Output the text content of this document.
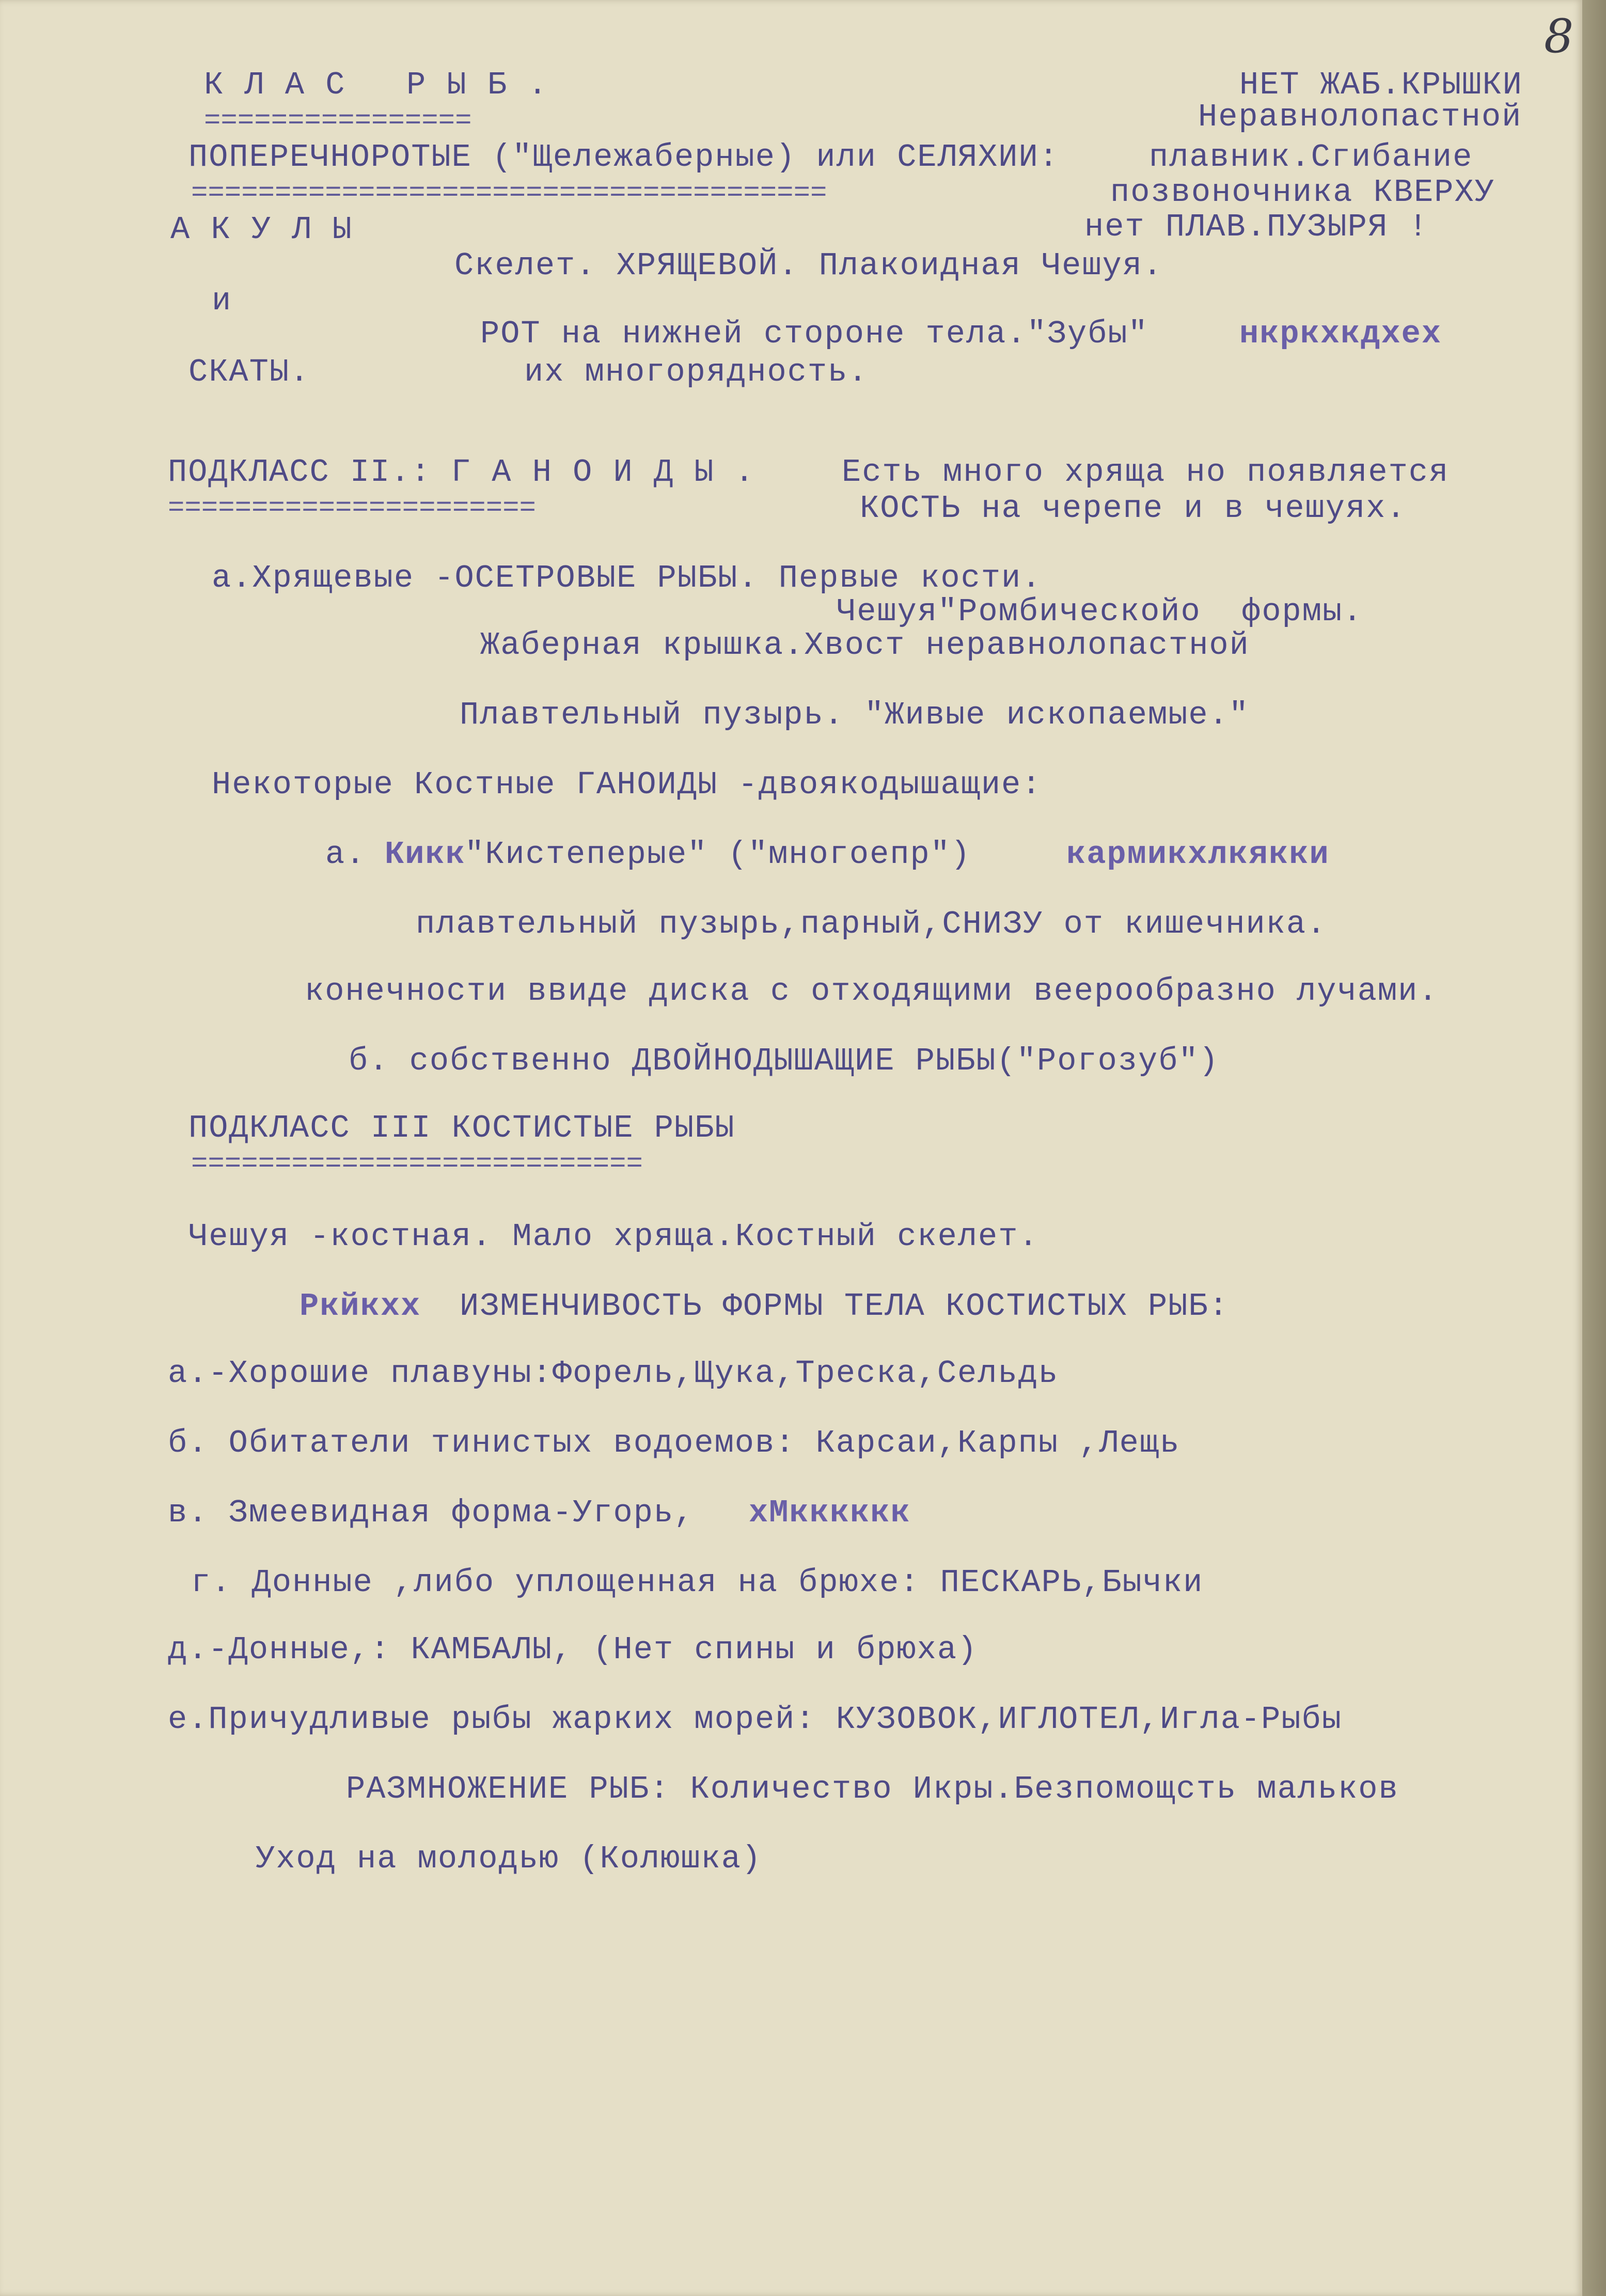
8
К Л А С   Р Ы Б .
================
НЕТ ЖАБ.КРЫШКИ
Неравнолопастной
ПОПЕРЕЧНОРОТЫЕ ("Щележаберные) или СЕЛЯХИИ:	плавник.Сгибание
======================================	позвоночника КВЕРХУ
А К У Л Ы	нет ПЛАВ.ПУЗЫРЯ !
Скелет. ХРЯЩЕВОЙ. Плакоидная Чешуя.
и
РОТ на нижней стороне тела."Зубы"	нкркхкдхех
СКАТЫ.	их многорядность.
ПОДКЛАСС II.: Г А Н О И Д Ы .	Есть много хряща но появляется
======================	КОСТЬ на черепе и в чешуях.
а.Хрящевые -ОСЕТРОВЫЕ РЫБЫ. Первые кости.
Чешуя"Ромбическойо  формы.
Жаберная крышка.Хвост неравнолопастной
Плавтельный пузырь. "Живые ископаемые."
Некоторые Костные ГАНОИДЫ -двоякодышащие:
а. Кикк
"Кистеперые" ("многоепр")	кармикхлкякки
плавтельный пузырь,парный,СНИЗУ от кишечника.
конечности ввиде диска с отходящими веерообразно лучами.
б. собственно ДВОЙНОДЫШАЩИЕ РЫБЫ("Рогозуб")
ПОДКЛАСС III КОСТИСТЫЕ РЫБЫ
===========================
Чешуя -костная. Мало хряща.Костный скелет.
Ркйкхх ИЗМЕНЧИВОСТЬ ФОРМЫ ТЕЛА КОСТИСТЫХ РЫБ:
а.-Хорошие плавуны:Форель,Щука,Треска,Сельдь
б. Обитатели тинистых водоемов: Карсаи,Карпы ,Лещь
в. Змеевидная форма-Угорь, хМкккккк
г. Донные ,либо уплощенная на брюхе: ПЕСКАРЬ,Бычки
д.-Донные,: КАМБАЛЫ, (Нет спины и брюха)
е.Причудливые рыбы жарких морей: КУЗОВОК,ИГЛОТЕЛ,Игла-Рыбы
РАЗМНОЖЕНИЕ РЫБ: Количество Икры.Безпомощсть мальков
Уход на молодью (Колюшка)
